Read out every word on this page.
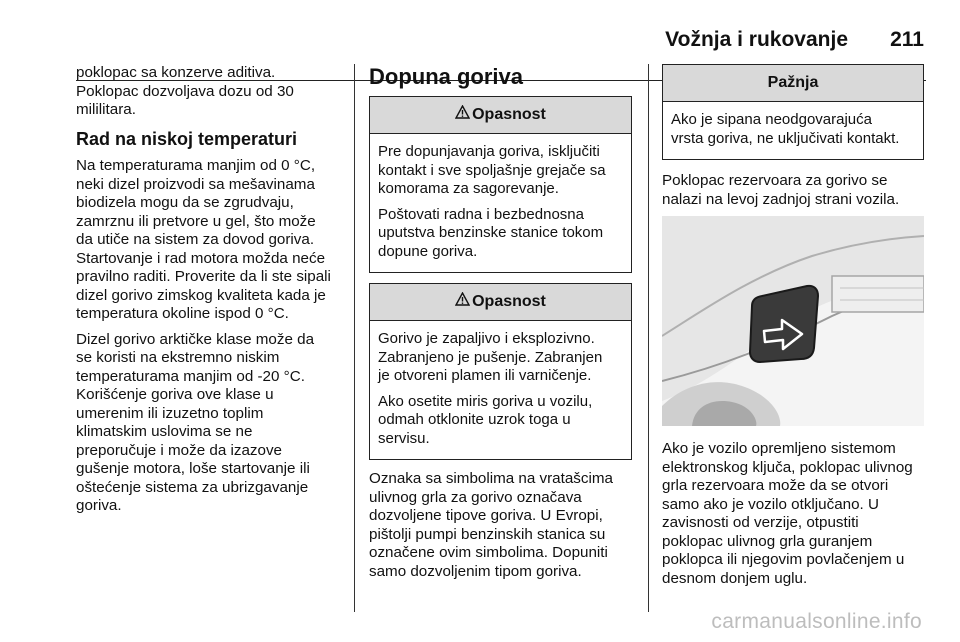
Vožnja i rukovanje 211

poklopac sa konzerve aditiva.
Poklopac dozvoljava dozu od 30
mililitara.

Rad na niskoj temperaturi

Na temperaturama manjim od 0 °C,
neki dizel proizvodi sa mešavinama
biodizela mogu da se zgrudvaju,
zamrznu ili pretvore u gel, što može
da utiče na sistem za dovod goriva.
Startovanje i rad motora možda neće
pravilno raditi. Proverite da li ste sipali
dizel gorivo zimskog kvaliteta kada je
temperatura okoline ispod 0 °C.

Dizel gorivo arktičke klase može da
se koristi na ekstremno niskim
temperaturama manjim od -20 °C.
Korišćenje goriva ove klase u
umerenim ili izuzetno toplim
klimatskim uslovima se ne
preporučuje i može da izazove
gušenje motora, loše startovanje ili
oštećenje sistema za ubrizgavanje
goriva.

Dopuna goriva
Opasnost

Pre dopunjavanja goriva, isključiti
kontakt i sve spoljašnje grejače sa
komorama za sagorevanje.

Poštovati radna i bezbednosna
uputstva benzinske stanice tokom
dopune goriva.

Opasnost

Gorivo je zapaljivo i eksplozivno.
Zabranjeno je pušenje. Zabranjen
je otvoreni plamen ili varničenje.

Ako osetite miris goriva u vozilu,
odmah otklonite uzrok toga u
servisu.

Oznaka sa simbolima na vratašcima
ulivnog grla za gorivo označava
dozvoljene tipove goriva. U Evropi,
pištolji pumpi benzinskih stanica su
označene ovim simbolima. Dopuniti
samo dozvoljenim tipom goriva.

Pažnja

Ako je sipana neodgovarajuća
vrsta goriva, ne uključivati kontakt.

Poklopac rezervoara za gorivo se
nalazi na levoj zadnjoj strani vozila.

Ako je vozilo opremljeno sistemom
elektronskog ključa, poklopac ulivnog
grla rezervoara može da se otvori
samo ako je vozilo otključano. U
zavisnosti od verzije, otpustiti
poklopac ulivnog grla guranjem
poklopca ili njegovim povlačenjem u
desnom donjem uglu.

carmanualsonline.info
